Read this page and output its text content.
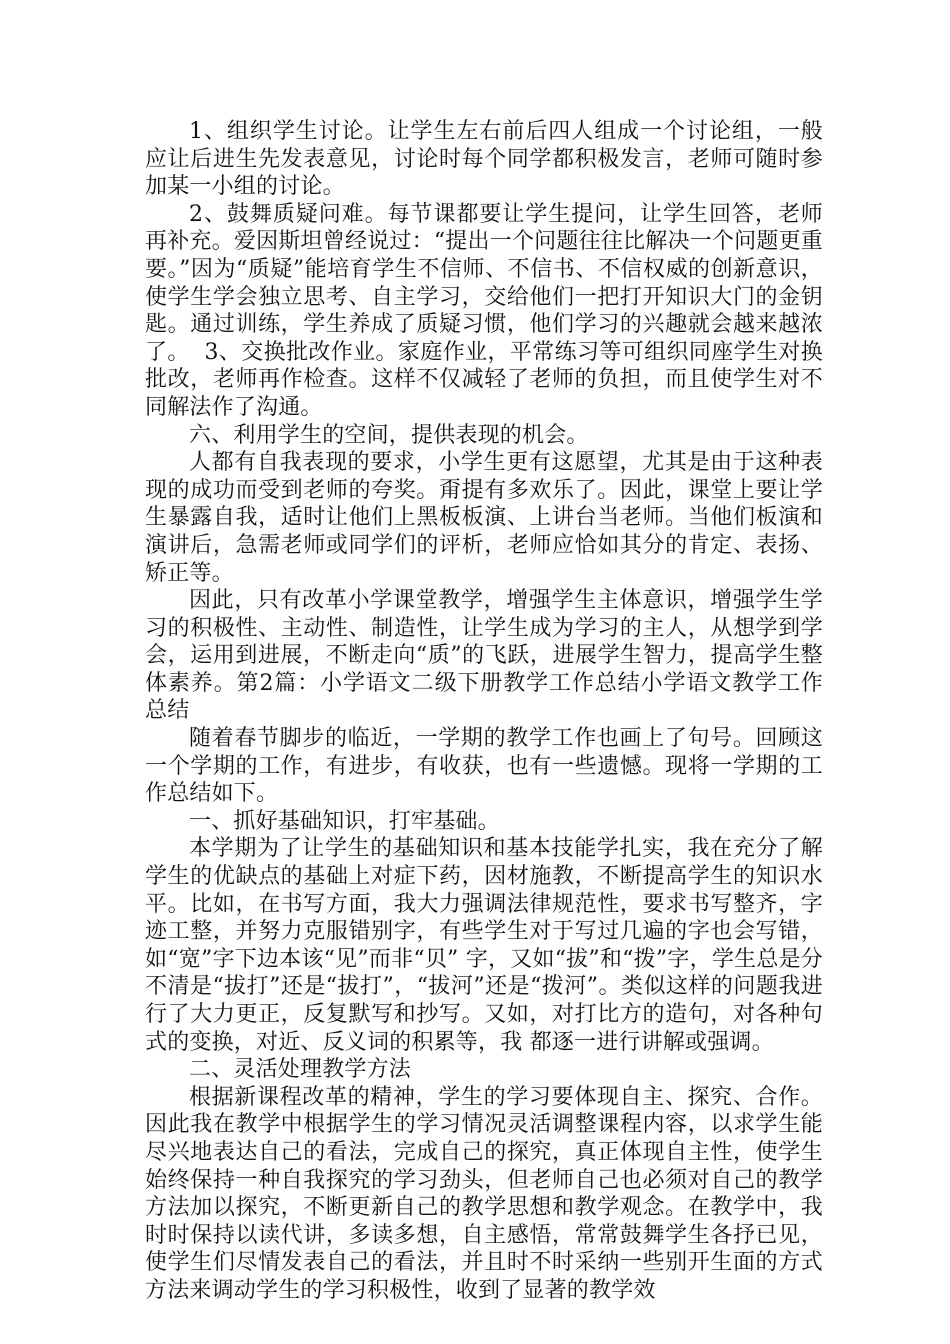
1、组织学生讨论。让学生左右前后四人组成一个讨论组，一般应让后进生先发表意见，讨论时每个同学都积极发言，老师可随时参加某一小组的讨论。

2、鼓舞质疑问难。每节课都要让学生提问，让学生回答，老师再补充。爱因斯坦曾经说过：“提出一个问题往往比解决一个问题更重要。”因为“质疑”能培育学生不信师、不信书、不信权威的创新意识，使学生学会独立思考、自主学习，交给他们一把打开知识大门的金钥匙。通过训练，学生养成了质疑习惯，他们学习的兴趣就会越来越浓了。  3、交换批改作业。家庭作业，平常练习等可组织同座学生对换批改，老师再作检查。这样不仅减轻了老师的负担，而且使学生对不同解法作了沟通。

六、利用学生的空间，提供表现的机会。

人都有自我表现的要求，小学生更有这愿望，尤其是由于这种表现的成功而受到老师的夸奖。甭提有多欢乐了。因此，课堂上要让学生暴露自我，适时让他们上黑板板演、上讲台当老师。当他们板演和演讲后，急需老师或同学们的评析，老师应恰如其分的肯定、表扬、矫正等。

因此，只有改革小学课堂教学，增强学生主体意识，增强学生学习的积极性、主动性、制造性，让学生成为学习的主人，从想学到学会，运用到进展，不断走向“质”的飞跃，进展学生智力，提高学生整体素养。第2篇：小学语文二级下册教学工作总结小学语文教学工作总结

随着春节脚步的临近，一学期的教学工作也画上了句号。回顾这一个学期的工作，有进步，有收获，也有一些遗憾。现将一学期的工作总结如下。

一、抓好基础知识，打牢基础。

本学期为了让学生的基础知识和基本技能学扎实，我在充分了解学生的优缺点的基础上对症下药，因材施教，不断提高学生的知识水平。比如，在书写方面，我大力强调法律规范性，要求书写整齐，字迹工整，并努力克服错别字，有些学生对于写过几遍的字也会写错，如“宽”字下边本该“见”而非“贝” 字，又如“拔”和“拨”字，学生总是分不清是“拔打”还是“拔打”，“拔河”还是“拨河”。类似这样的问题我进行了大力更正，反复默写和抄写。又如，对打比方的造句，对各种句式的变换，对近、反义词的积累等，我 都逐一进行讲解或强调。

二、灵活处理教学方法

根据新课程改革的精神，学生的学习要体现自主、探究、合作。因此我在教学中根据学生的学习情况灵活调整课程内容，以求学生能尽兴地表达自己的看法，完成自己的探究，真正体现自主性，使学生始终保持一种自我探究的学习劲头，但老师自己也必须对自己的教学方法加以探究，不断更新自己的教学思想和教学观念。在教学中，我时时保持以读代讲，多读多想，自主感悟，常常鼓舞学生各抒已见，使学生们尽情发表自己的看法，并且时不时采纳一些别开生面的方式方法来调动学生的学习积极性，收到了显著的教学效
